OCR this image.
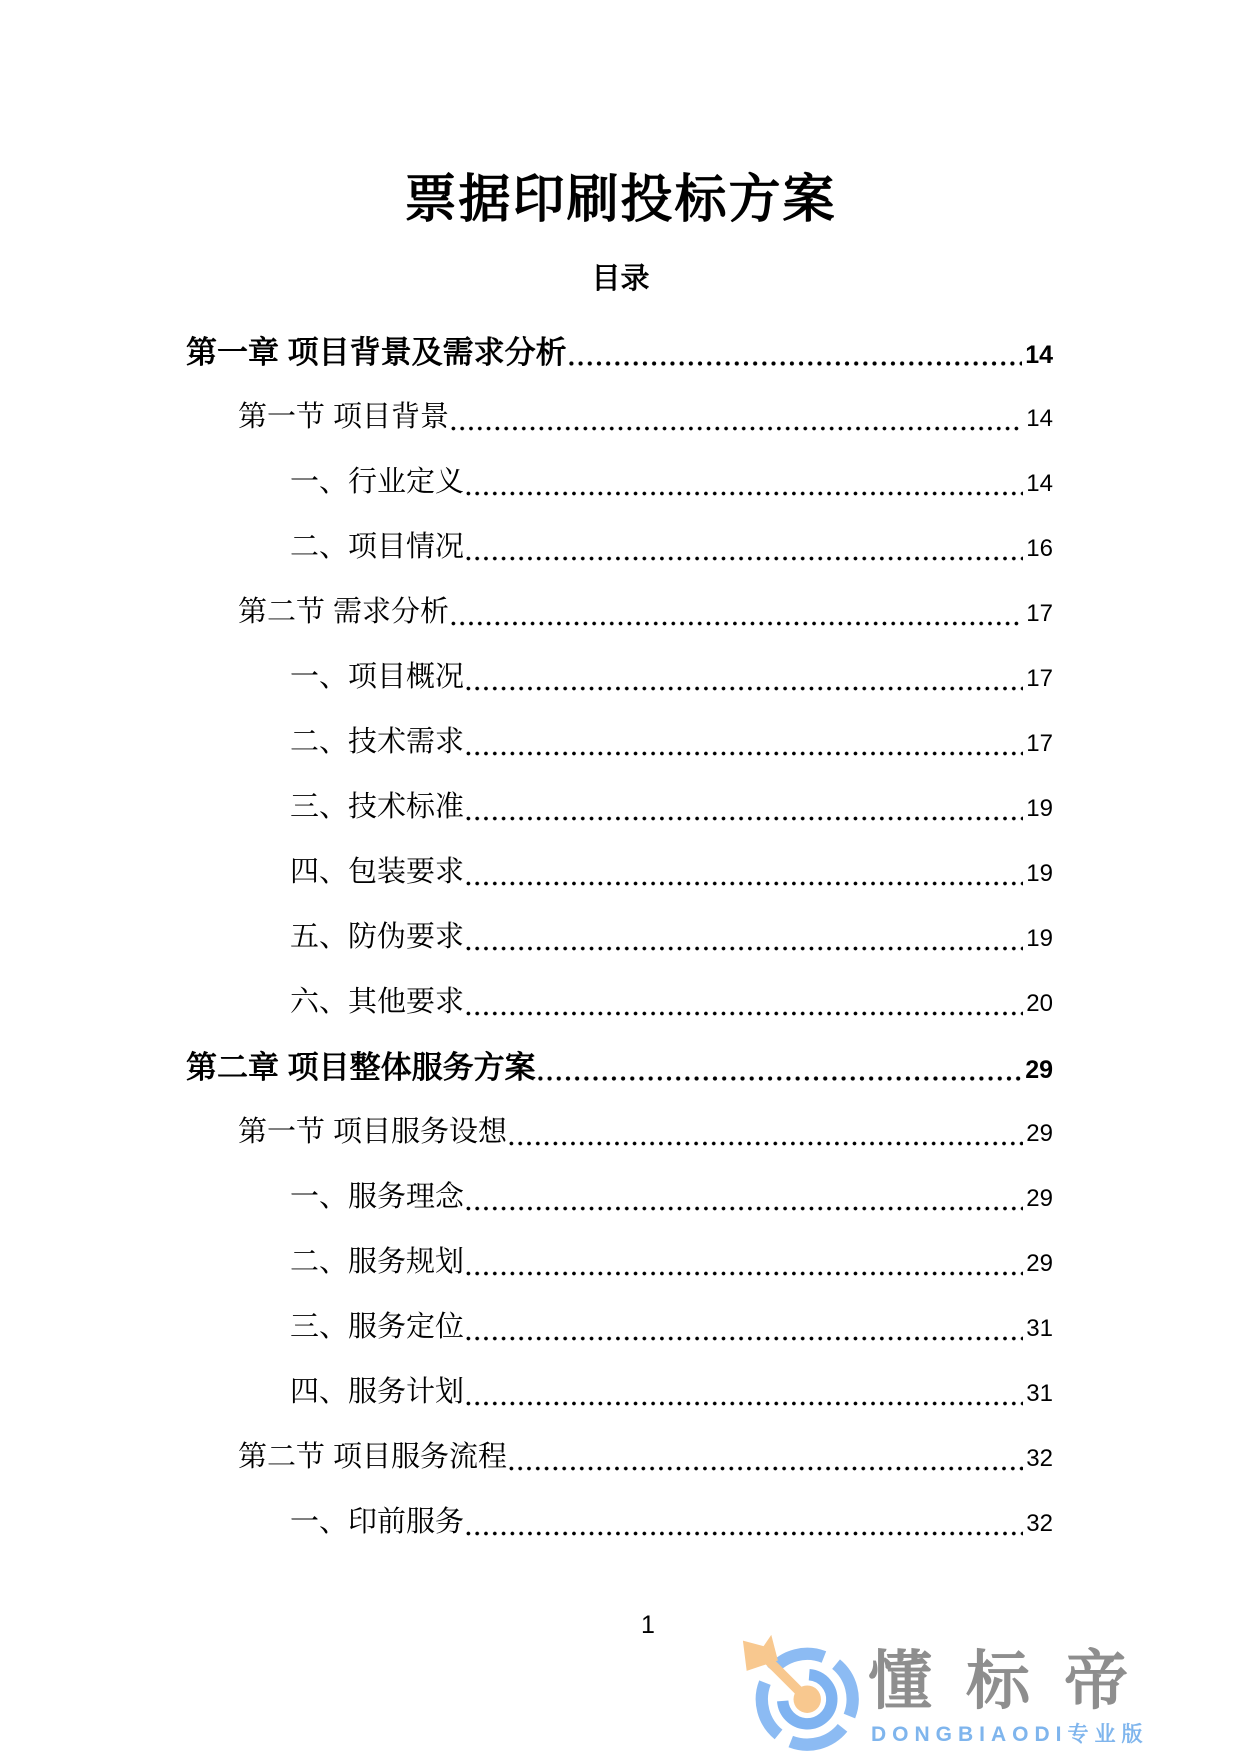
票据印刷投标方案
目录
第一章 项目背景及需求分析	14
第一节 项目背景	14
一、行业定义	14
二、项目情况	16
第二节 需求分析	17
一、项目概况	17
二、技术需求	17
三、技术标准	19
四、包装要求	19
五、防伪要求	19
六、其他要求	20
第二章 项目整体服务方案	29
第一节 项目服务设想	29
一、服务理念	29
二、服务规划	29
三、服务定位	31
四、服务计划	31
第二节 项目服务流程	32
一、印前服务	32
1
懂标帝
DONGBIAODI专业版
